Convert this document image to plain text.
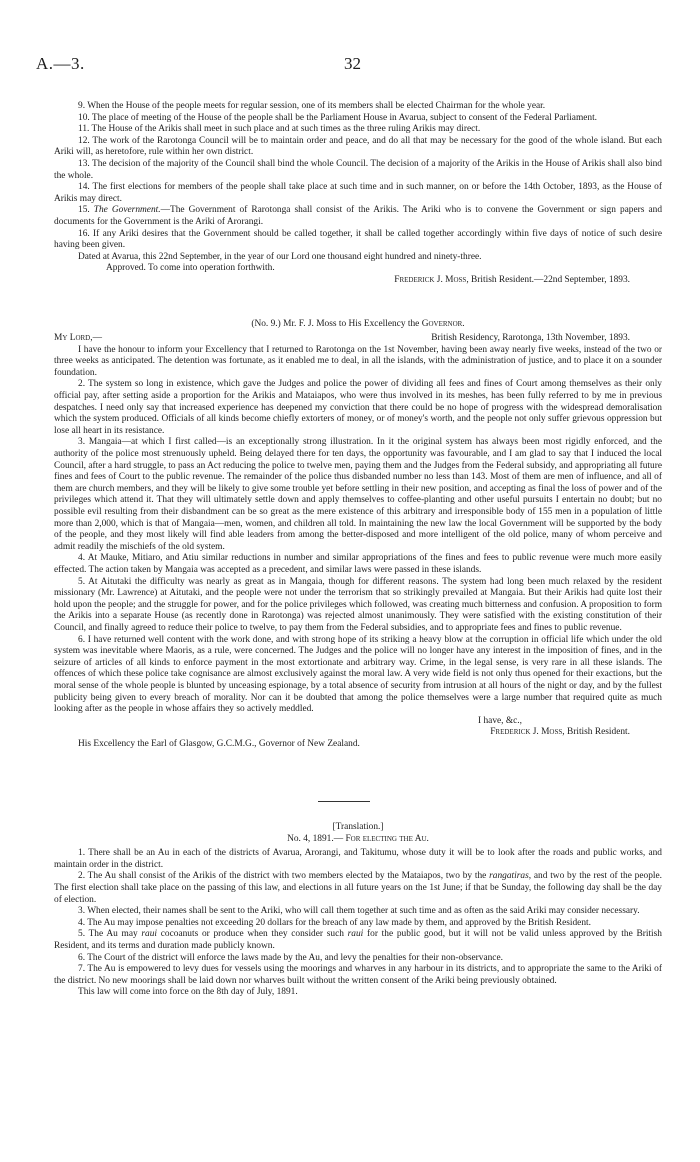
A.—3.	32

9. When the House of the people meets for regular session, one of its members shall be elected Chairman for the whole year.

10. The place of meeting of the House of the people shall be the Parliament House in Avarua, subject to consent of the Federal Parliament.

11. The House of the Arikis shall meet in such place and at such times as the three ruling Arikis may direct.

12. The work of the Rarotonga Council will be to maintain order and peace, and do all that may be necessary for the good of the whole island. But each Ariki will, as heretofore, rule within her own district.

13. The decision of the majority of the Council shall bind the whole Council. The decision of a majority of the Arikis in the House of Arikis shall also bind the whole.

14. The first elections for members of the people shall take place at such time and in such manner, on or before the 14th October, 1893, as the House of Arikis may direct.

15. The Government.—The Government of Rarotonga shall consist of the Arikis. The Ariki who is to convene the Government or sign papers and documents for the Government is the Ariki of Arorangi.

16. If any Ariki desires that the Government should be called together, it shall be called together accordingly within five days of notice of such desire having been given.

Dated at Avarua, this 22nd September, in the year of our Lord one thousand eight hundred and ninety-three.

Approved. To come into operation forthwith.

Frederick J. Moss, British Resident.—22nd September, 1893.

(No. 9.) Mr. F. J. Moss to His Excellency the Governor.

My Lord,—	British Residency, Rarotonga, 13th November, 1893.

I have the honour to inform your Excellency that I returned to Rarotonga on the 1st November, having been away nearly five weeks, instead of the two or three weeks as anticipated. The detention was fortunate, as it enabled me to deal, in all the islands, with the administration of justice, and to place it on a sounder foundation.

2. The system so long in existence, which gave the Judges and police the power of dividing all fees and fines of Court among themselves as their only official pay, after setting aside a proportion for the Arikis and Mataiapos, who were thus involved in its meshes, has been fully referred to by me in previous despatches. I need only say that increased experience has deepened my conviction that there could be no hope of progress with the widespread demoralisation which the system produced. Officials of all kinds become chiefly extorters of money, or of money's worth, and the people not only suffer grievous oppression but lose all heart in its resistance.

3. Mangaia—at which I first called—is an exceptionally strong illustration. In it the original system has always been most rigidly enforced, and the authority of the police most strenuously upheld. Being delayed there for ten days, the opportunity was favourable, and I am glad to say that I induced the local Council, after a hard struggle, to pass an Act reducing the police to twelve men, paying them and the Judges from the Federal subsidy, and appropriating all future fines and fees of Court to the public revenue. The remainder of the police thus disbanded number no less than 143. Most of them are men of influence, and all of them are church members, and they will be likely to give some trouble yet before settling in their new position, and accepting as final the loss of power and of the privileges which attend it. That they will ultimately settle down and apply themselves to coffee-planting and other useful pursuits I entertain no doubt; but no possible evil resulting from their disbandment can be so great as the mere existence of this arbitrary and irresponsible body of 155 men in a population of little more than 2,000, which is that of Mangaia—men, women, and children all told. In maintaining the new law the local Government will be supported by the body of the people, and they most likely will find able leaders from among the better-disposed and more intelligent of the old police, many of whom perceive and admit readily the mischiefs of the old system.

4. At Mauke, Mitiaro, and Atiu similar reductions in number and similar appropriations of the fines and fees to public revenue were much more easily effected. The action taken by Mangaia was accepted as a precedent, and similar laws were passed in these islands.

5. At Aitutaki the difficulty was nearly as great as in Mangaia, though for different reasons. The system had long been much relaxed by the resident missionary (Mr. Lawrence) at Aitutaki, and the people were not under the terrorism that so strikingly prevailed at Mangaia. But their Arikis had quite lost their hold upon the people; and the struggle for power, and for the police privileges which followed, was creating much bitterness and confusion. A proposition to form the Arikis into a separate House (as recently done in Rarotonga) was rejected almost unanimously. They were satisfied with the existing constitution of their Council, and finally agreed to reduce their police to twelve, to pay them from the Federal subsidies, and to appropriate fees and fines to public revenue.

6. I have returned well content with the work done, and with strong hope of its striking a heavy blow at the corruption in official life which under the old system was inevitable where Maoris, as a rule, were concerned. The Judges and the police will no longer have any interest in the imposition of fines, and in the seizure of articles of all kinds to enforce payment in the most extortionate and arbitrary way. Crime, in the legal sense, is very rare in all these islands. The offences of which these police take cognisance are almost exclusively against the moral law. A very wide field is not only thus opened for their exactions, but the moral sense of the whole people is blunted by unceasing espionage, by a total absence of security from intrusion at all hours of the night or day, and by the fullest publicity being given to every breach of morality. Nor can it be doubted that among the police themselves were a large number that required quite as much looking after as the people in whose affairs they so actively meddled.

I have, &c.,

Frederick J. Moss, British Resident.

His Excellency the Earl of Glasgow, G.C.M.G., Governor of New Zealand.

[Translation.]

No. 4, 1891.— For electing the Au.

1. There shall be an Au in each of the districts of Avarua, Arorangi, and Takitumu, whose duty it will be to look after the roads and public works, and maintain order in the district.

2. The Au shall consist of the Arikis of the district with two members elected by the Mataiapos, two by the rangatiras, and two by the rest of the people. The first election shall take place on the passing of this law, and elections in all future years on the 1st June; if that be Sunday, the following day shall be the day of election.

3. When elected, their names shall be sent to the Ariki, who will call them together at such time and as often as the said Ariki may consider necessary.

4. The Au may impose penalties not exceeding 20 dollars for the breach of any law made by them, and approved by the British Resident.

5. The Au may raui cocoanuts or produce when they consider such raui for the public good, but it will not be valid unless approved by the British Resident, and its terms and duration made publicly known.

6. The Court of the district will enforce the laws made by the Au, and levy the penalties for their non-observance.

7. The Au is empowered to levy dues for vessels using the moorings and wharves in any harbour in its districts, and to appropriate the same to the Ariki of the district. No new moorings shall be laid down nor wharves built without the written consent of the Ariki being previously obtained.

This law will come into force on the 8th day of July, 1891.
